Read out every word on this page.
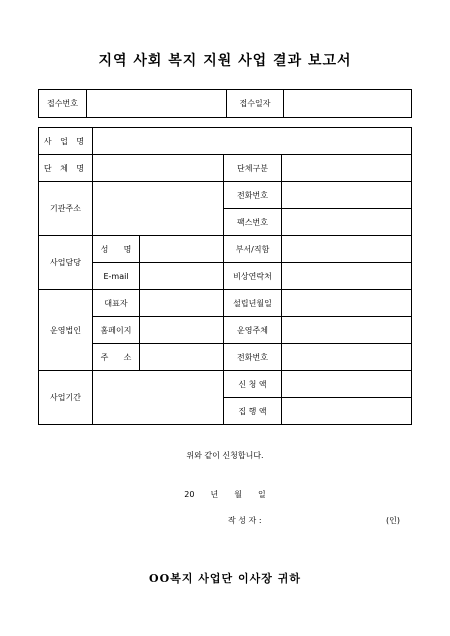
지역 사회 복지 지원 사업 결과 보고서
접수번호		접수일자	
사 업 명				
단 체 명			단체구분	
기관주소			전화번호	
			팩스번호	
사업담당	성      명		부서/직함	
	E-mail		비상연락처	
운영법인	대표자		설립년월일	
	홈페이지		운영주체	
	주      소		전화번호	
사업기간			신 청 액	
			집 행 액	
위와 같이 신청합니다.
20 년 월 일
작 성 자 :	(인)
OO복지 사업단 이사장 귀하
